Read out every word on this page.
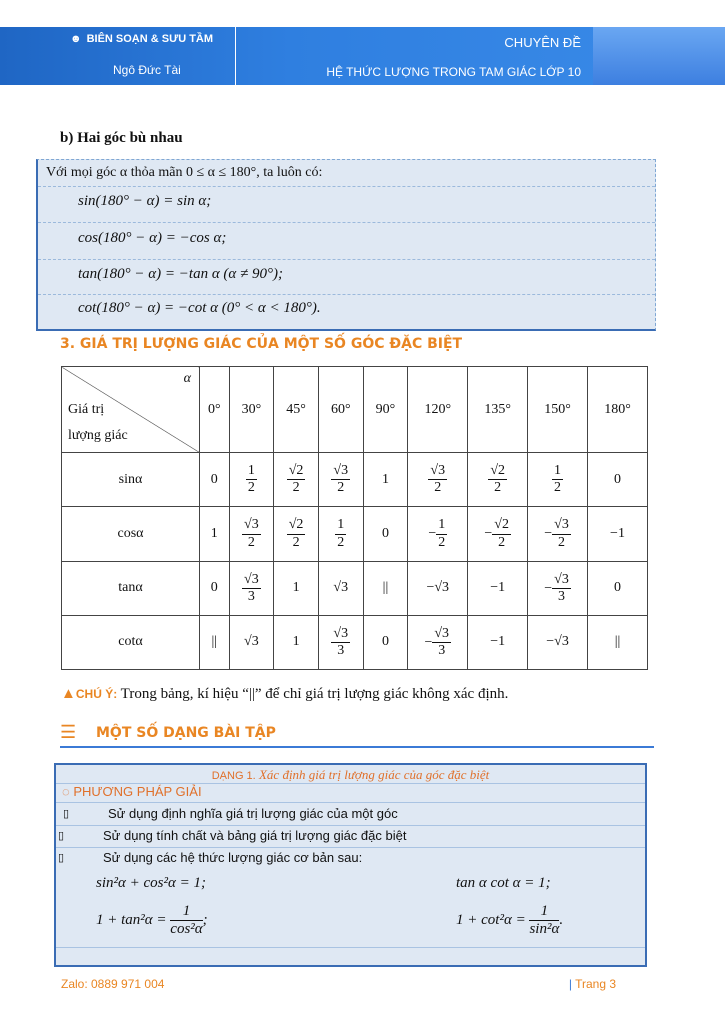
☻ BIÊN SOẠN & SƯU TẦM
Ngô Đức Tài
CHUYÊN ĐỀ
HỆ THỨC LƯỢNG TRONG TAM GIÁC LỚP 10
b) Hai góc bù nhau
Với mọi góc α thỏa mãn 0 ≤ α ≤ 180°, ta luôn có:
sin(180° − α) = sin α;
cos(180° − α) = −cos α;
tan(180° − α) = −tan α (α ≠ 90°);
cot(180° − α) = −cot α (0° < α < 180°).
3. GIÁ TRỊ LƯỢNG GIÁC CỦA MỘT SỐ GÓC ĐẶC BIỆT
α
Giá trị
lượng giác	0°	30°	45°	60°	90°	120°	135°	150°	180°
sinα	0	$\frac{1}{2}$	$\frac{√2}{2}$	$\frac{√3}{2}$	1	$\frac{√3}{2}$	$\frac{√2}{2}$	$\frac{1}{2}$	0
cosα	1	$\frac{√3}{2}$	$\frac{√2}{2}$	$\frac{1}{2}$	0	− $\frac{1}{2}$	− $\frac{√2}{2}$	− $\frac{√3}{2}$	−1
tanα	0	$\frac{√3}{3}$	1	√3	||	−√3	−1	− $\frac{√3}{3}$	0
cotα	||	√3	1	$\frac{√3}{3}$	0	− $\frac{√3}{3}$	−1	−√3	||
▲CHÚ Ý: Trong bảng, kí hiệu “||” để chỉ giá trị lượng giác không xác định.
☰ MỘT SỐ DẠNG BÀI TẬP
DẠNG 1. Xác định giá trị lượng giác của góc đặc biệt
◌ PHƯƠNG PHÁP GIẢI
▯	Sử dụng định nghĩa giá trị lượng giác của một góc
▯	Sử dụng tính chất và bảng giá trị lượng giác đặc biệt
▯	Sử dụng các hệ thức lượng giác cơ bản sau:
sin²α + cos²α = 1;	tan α cot α = 1;
$1 + \tan^2\alpha = \frac{1}{\text{cos²α}}$ ;	$1 + \cot^2\alpha = \frac{1}{\text{sin²α}}$ .
Zalo: 0889 971 004	| Trang 3
